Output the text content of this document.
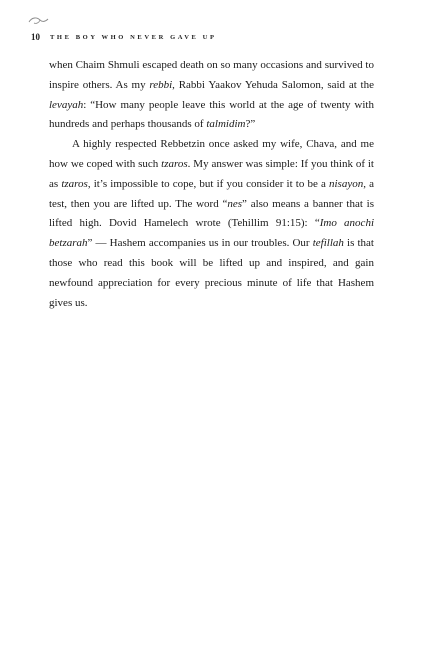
10 THE BOY WHO NEVER GAVE UP

when Chaim Shmuli escaped death on so many occasions and survived to inspire others. As my rebbi, Rabbi Yaakov Yehuda Salomon, said at the levayah: “How many people leave this world at the age of twenty with hundreds and perhaps thousands of talmidim?”

A highly respected Rebbetzin once asked my wife, Chava, and me how we coped with such tzaros. My answer was simple: If you think of it as tzaros, it’s impossible to cope, but if you consider it to be a nisayon, a test, then you are lifted up. The word “nes” also means a banner that is lifted high. Dovid Hamelech wrote (Tehillim 91:15): “Imo anochi betzarah” — Hashem accompanies us in our troubles. Our tefillah is that those who read this book will be lifted up and inspired, and gain newfound appreciation for every precious minute of life that Hashem gives us.
